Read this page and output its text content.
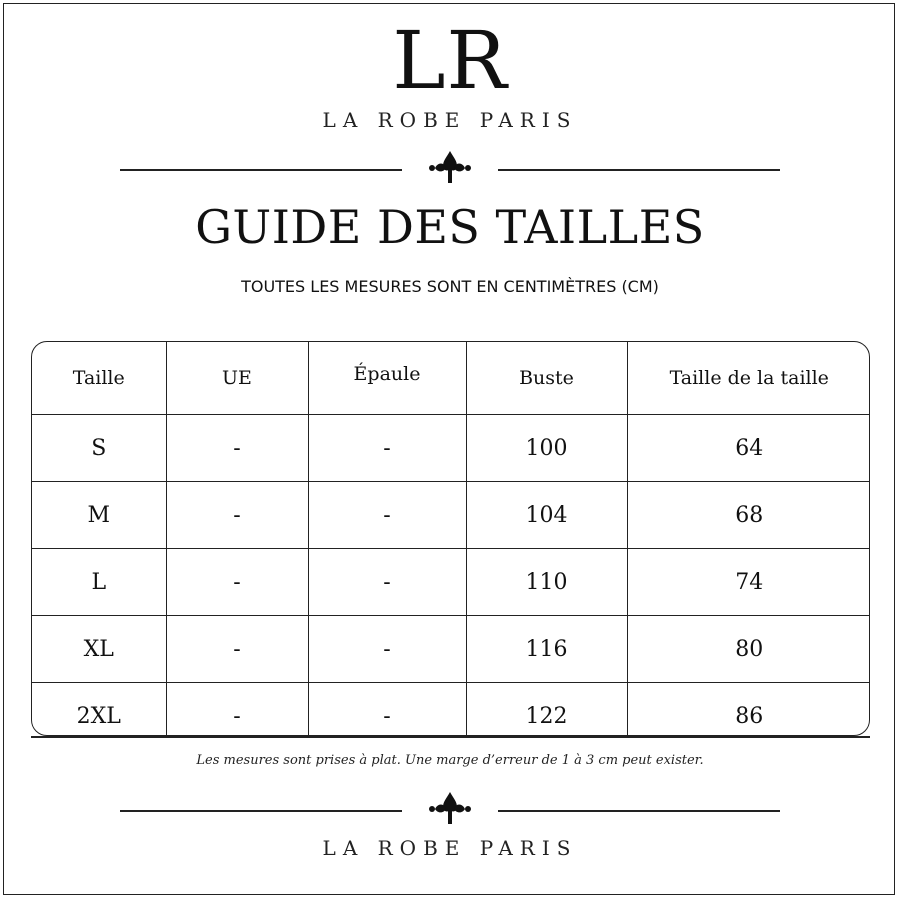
LR
LA ROBE PARIS
GUIDE DES TAILLES
TOUTES LES MESURES SONT EN CENTIMÈTRES (CM)
Taille	UE	Épaule	Buste	Taille de la taille
S	-	-	100	64
M	-	-	104	68
L	-	-	110	74
XL	-	-	116	80
2XL	-	-	122	86
Les mesures sont prises à plat. Une marge d’erreur de 1 à 3 cm peut exister.
LA ROBE PARIS
